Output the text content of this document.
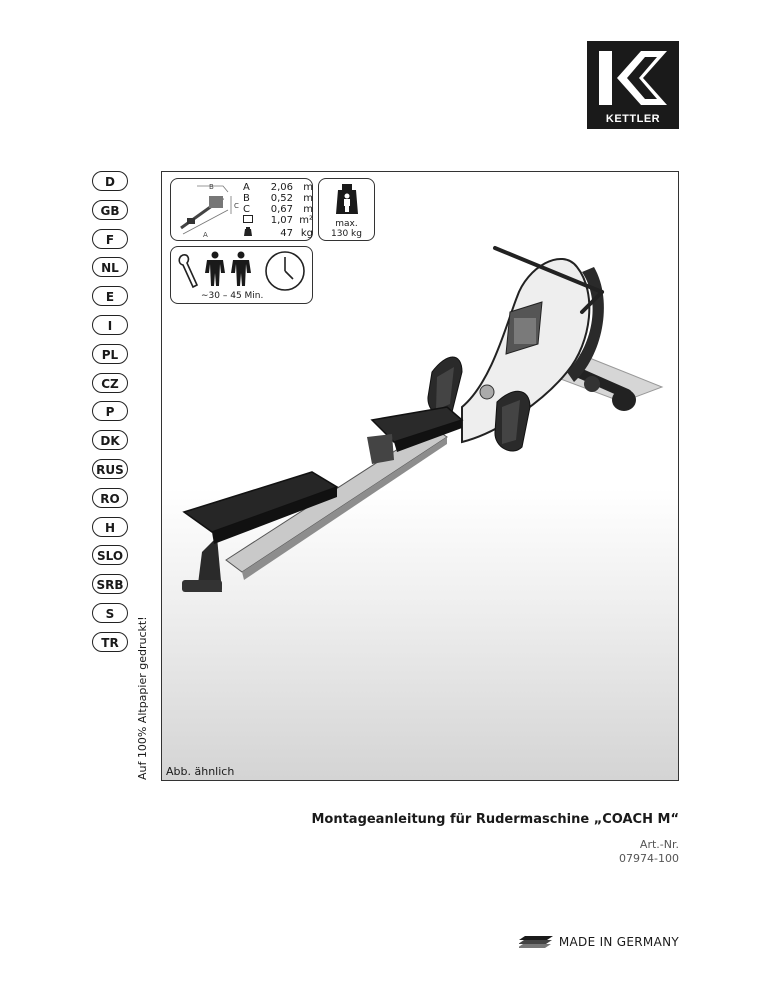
KETTLER
D
GB
F
NL
E
I
PL
CZ
P
DK
RUS
RO
H
SLO
SRB
S
TR	Auf 100% Altpapier gedruckt!
B
C
A
A 2,06 m
B 0,52 m
C 0,67 m
1,07 m²
47 kg
max.
130 kg
∼30 – 45 Min.
Abb. ähnlich
Montageanleitung für Rudermaschine „COACH M“
Art.-Nr.
07974-100
MADE IN GERMANY
